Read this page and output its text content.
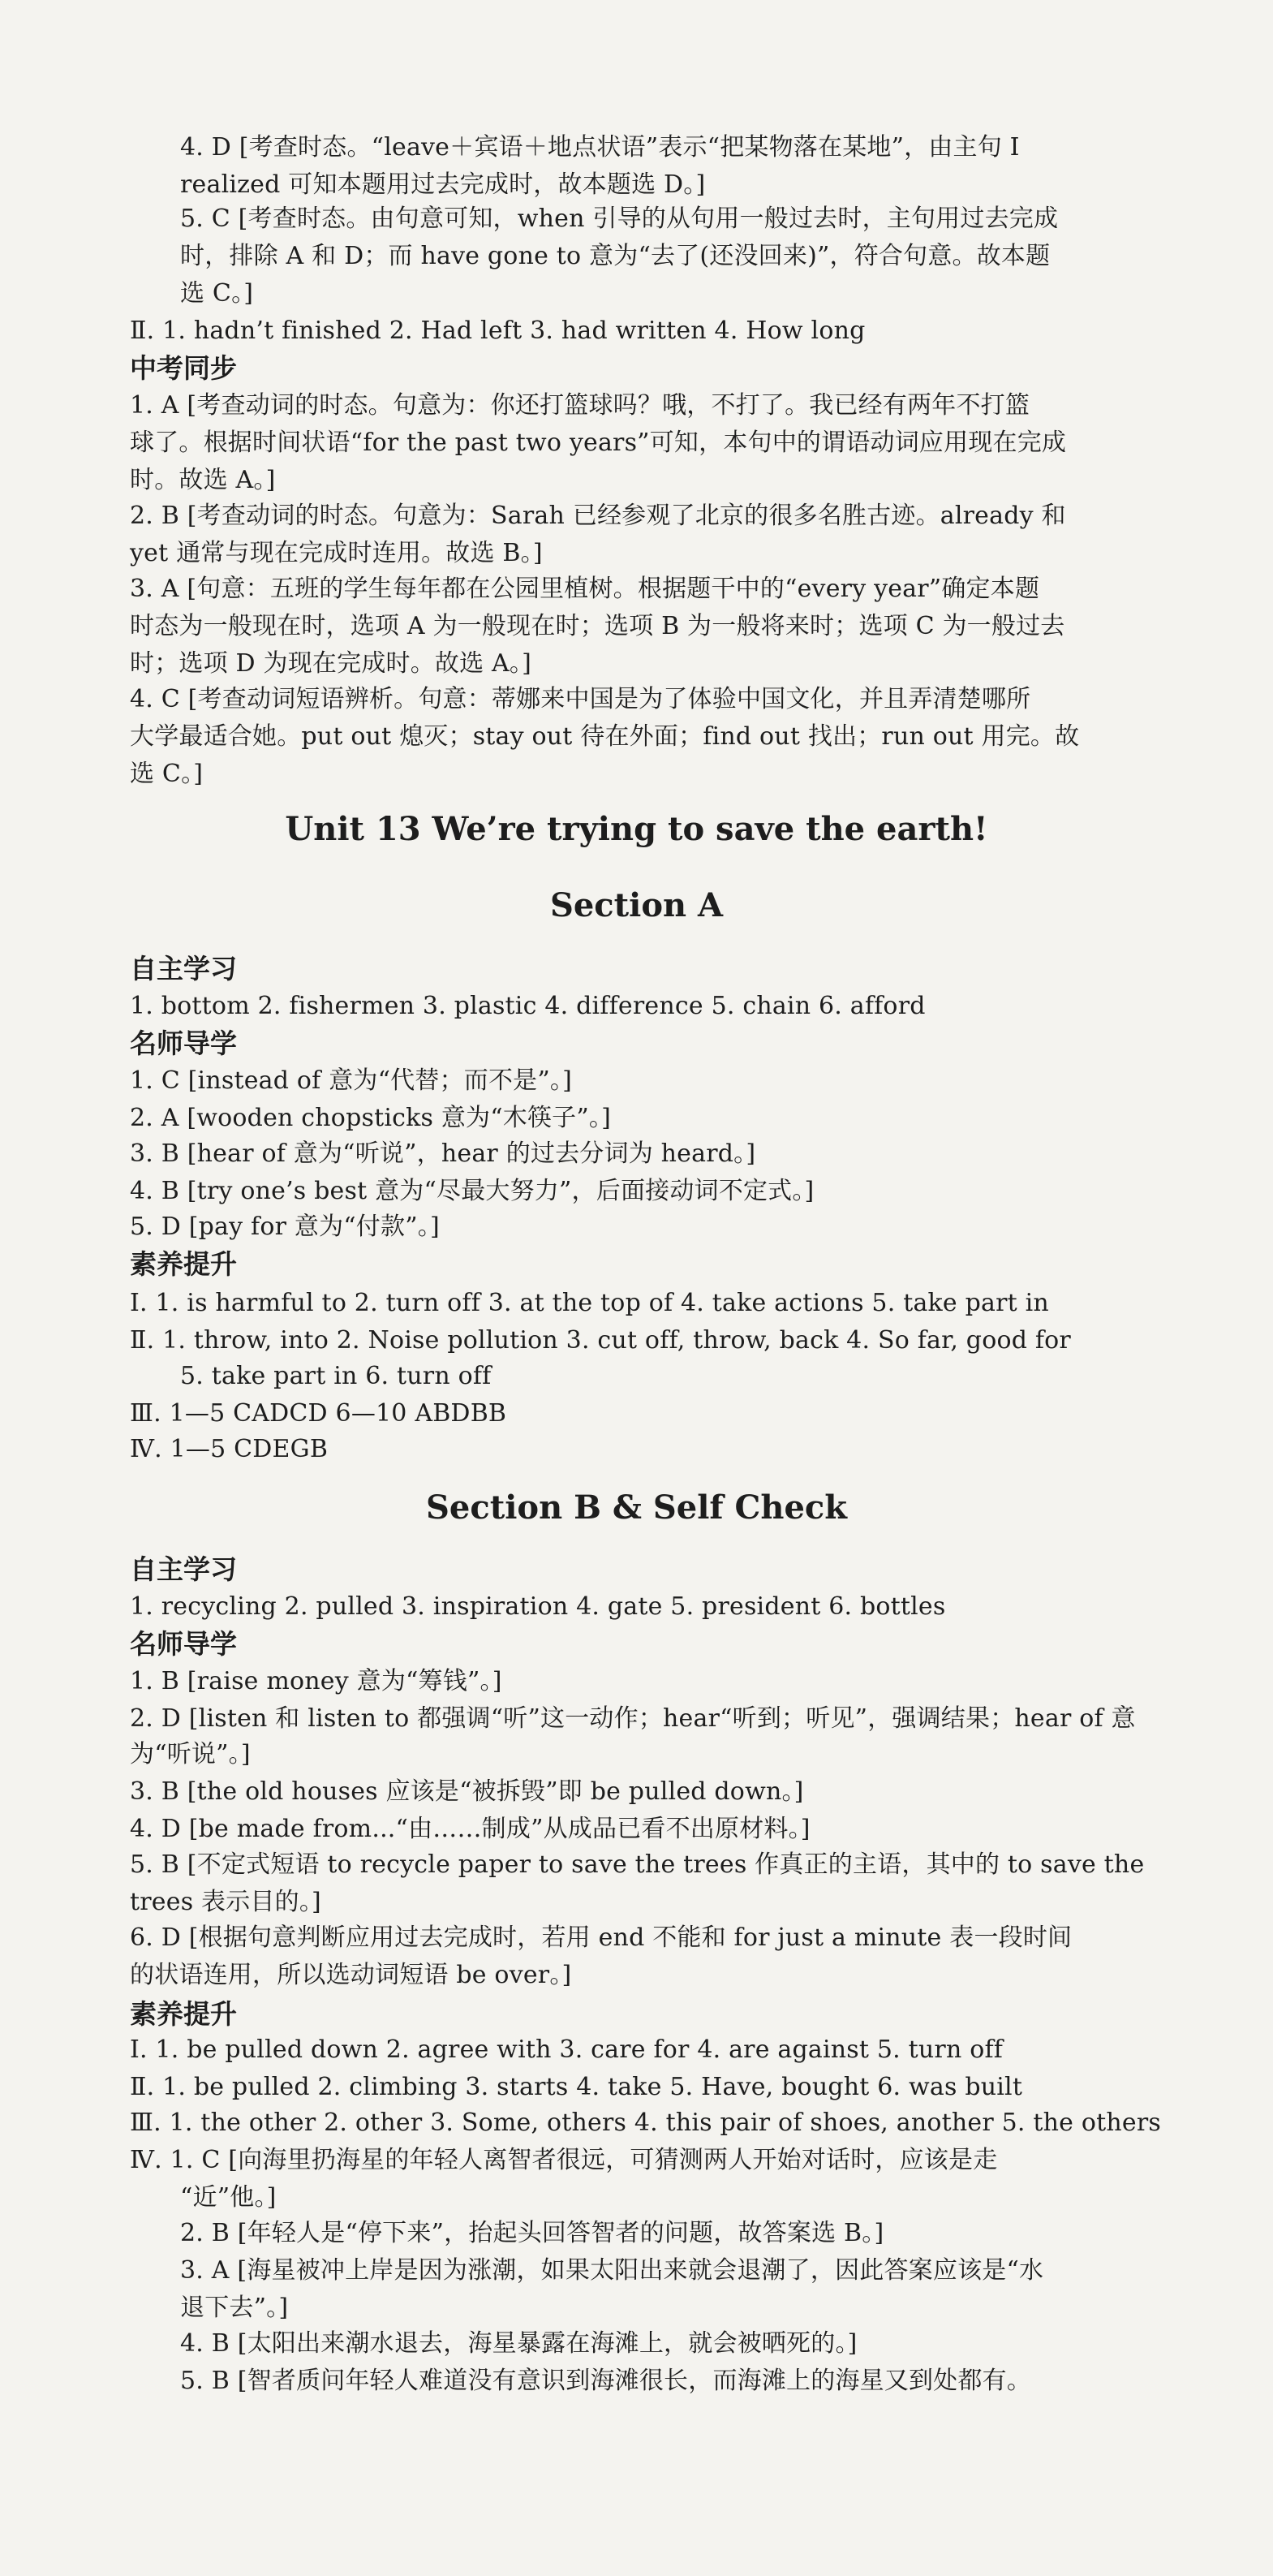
4. D [考查时态。“leave＋宾语＋地点状语”表示“把某物落在某地”，由主句 I
realized 可知本题用过去完成时，故本题选 D。]
5. C [考查时态。由句意可知，when 引导的从句用一般过去时，主句用过去完成
时，排除 A 和 D；而 have gone to 意为“去了(还没回来)”，符合句意。故本题
选 C。]
Ⅱ. 1. hadn’t finished 2. Had left 3. had written 4. How long
中考同步
1. A [考查动词的时态。句意为：你还打篮球吗？哦，不打了。我已经有两年不打篮
球了。根据时间状语“for the past two years”可知，本句中的谓语动词应用现在完成
时。故选 A。]
2. B [考查动词的时态。句意为：Sarah 已经参观了北京的很多名胜古迹。already 和
yet 通常与现在完成时连用。故选 B。]
3. A [句意：五班的学生每年都在公园里植树。根据题干中的“every year”确定本题
时态为一般现在时，选项 A 为一般现在时；选项 B 为一般将来时；选项 C 为一般过去
时；选项 D 为现在完成时。故选 A。]
4. C [考查动词短语辨析。句意：蒂娜来中国是为了体验中国文化，并且弄清楚哪所
大学最适合她。put out 熄灭；stay out 待在外面；find out 找出；run out 用完。故
选 C。]
Unit 13 We’re trying to save the earth!
Section A
自主学习
1. bottom 2. fishermen 3. plastic 4. difference 5. chain 6. afford
名师导学
1. C [instead of 意为“代替；而不是”。]
2. A [wooden chopsticks 意为“木筷子”。]
3. B [hear of 意为“听说”，hear 的过去分词为 heard。]
4. B [try one’s best 意为“尽最大努力”，后面接动词不定式。]
5. D [pay for 意为“付款”。]
素养提升
Ⅰ. 1. is harmful to 2. turn off 3. at the top of 4. take actions 5. take part in
Ⅱ. 1. throw, into 2. Noise pollution 3. cut off, throw, back 4. So far, good for
5. take part in 6. turn off
Ⅲ. 1—5 CADCD 6—10 ABDBB
Ⅳ. 1—5 CDEGB
Section B & Self Check
自主学习
1. recycling 2. pulled 3. inspiration 4. gate 5. president 6. bottles
名师导学
1. B [raise money 意为“筹钱”。]
2. D [listen 和 listen to 都强调“听”这一动作；hear“听到；听见”，强调结果；hear of 意
为“听说”。]
3. B [the old houses 应该是“被拆毁”即 be pulled down。]
4. D [be made from...“由……制成”从成品已看不出原材料。]
5. B [不定式短语 to recycle paper to save the trees 作真正的主语，其中的 to save the
trees 表示目的。]
6. D [根据句意判断应用过去完成时，若用 end 不能和 for just a minute 表一段时间
的状语连用，所以选动词短语 be over。]
素养提升
Ⅰ. 1. be pulled down 2. agree with 3. care for 4. are against 5. turn off
Ⅱ. 1. be pulled 2. climbing 3. starts 4. take 5. Have, bought 6. was built
Ⅲ. 1. the other 2. other 3. Some, others 4. this pair of shoes, another 5. the others
Ⅳ. 1. C [向海里扔海星的年轻人离智者很远，可猜测两人开始对话时，应该是走
“近”他。]
2. B [年轻人是“停下来”，抬起头回答智者的问题，故答案选 B。]
3. A [海星被冲上岸是因为涨潮，如果太阳出来就会退潮了，因此答案应该是“水
退下去”。]
4. B [太阳出来潮水退去，海星暴露在海滩上，就会被晒死的。]
5. B [智者质问年轻人难道没有意识到海滩很长，而海滩上的海星又到处都有。
